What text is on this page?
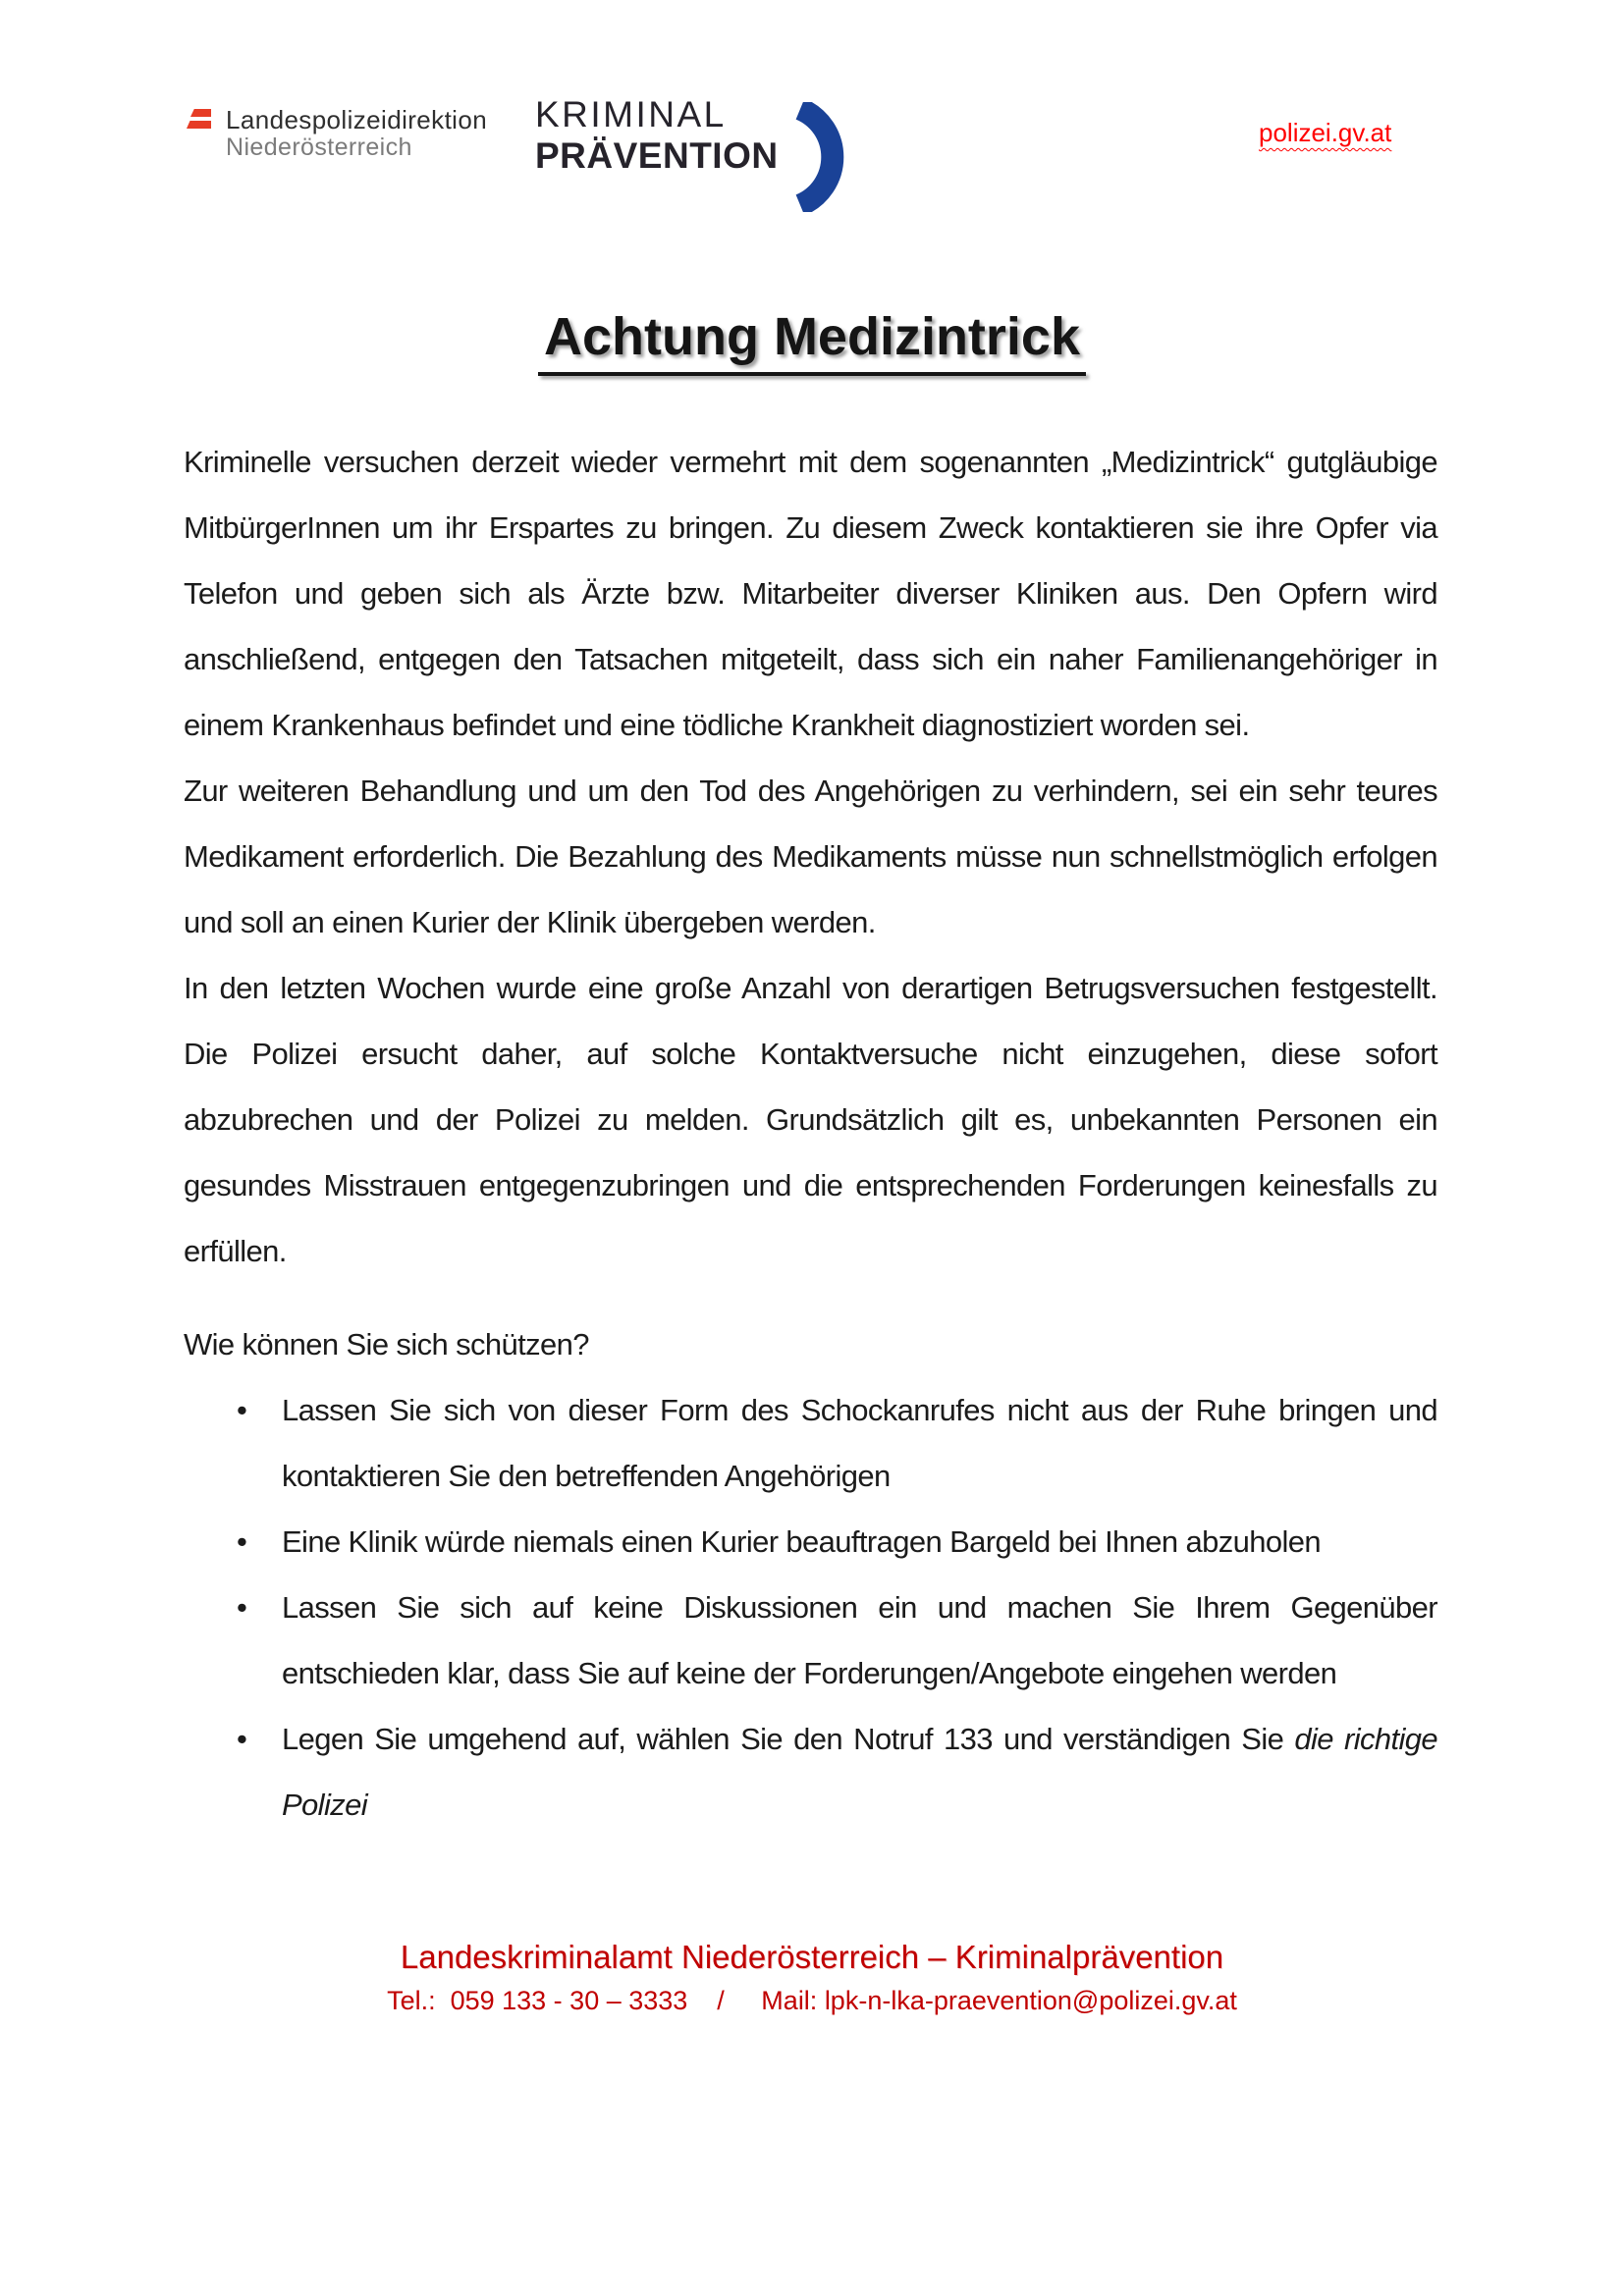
Landespolizeidirektion
Niederösterreich
KRIMINAL
PRÄVENTION
polizei.gv.at
Achtung Medizintrick

Kriminelle versuchen derzeit wieder vermehrt mit dem sogenannten „Medizintrick“ gutgläubige MitbürgerInnen um ihr Erspartes zu bringen. Zu diesem Zweck kontaktieren sie ihre Opfer via Telefon und geben sich als Ärzte bzw. Mitarbeiter diverser Kliniken aus. Den Opfern wird anschließend, entgegen den Tatsachen mitgeteilt, dass sich ein naher Familienangehöriger in einem Krankenhaus befindet und eine tödliche Krankheit diagnostiziert worden sei.

Zur weiteren Behandlung und um den Tod des Angehörigen zu verhindern, sei ein sehr teures Medikament erforderlich. Die Bezahlung des Medikaments müsse nun schnellstmöglich erfolgen und soll an einen Kurier der Klinik übergeben werden.

In den letzten Wochen wurde eine große Anzahl von derartigen Betrugsversuchen festgestellt. Die Polizei ersucht daher, auf solche Kontaktversuche nicht einzugehen, diese sofort abzubrechen und der Polizei zu melden. Grundsätzlich gilt es, unbekannten Personen ein gesundes Misstrauen entgegenzubringen und die entsprechenden Forderungen keinesfalls zu erfüllen.

Wie können Sie sich schützen?

• Lassen Sie sich von dieser Form des Schockanrufes nicht aus der Ruhe bringen und kontaktieren Sie den betreffenden Angehörigen
• Eine Klinik würde niemals einen Kurier beauftragen Bargeld bei Ihnen abzuholen
• Lassen Sie sich auf keine Diskussionen ein und machen Sie Ihrem Gegenüber entschieden klar, dass Sie auf keine der Forderungen/Angebote eingehen werden
• Legen Sie umgehend auf, wählen Sie den Notruf 133 und verständigen Sie die richtige Polizei
Landeskriminalamt Niederösterreich – Kriminalprävention
Tel.:  059 133 - 30 – 3333    /     Mail: lpk-n-lka-praevention@polizei.gv.at
